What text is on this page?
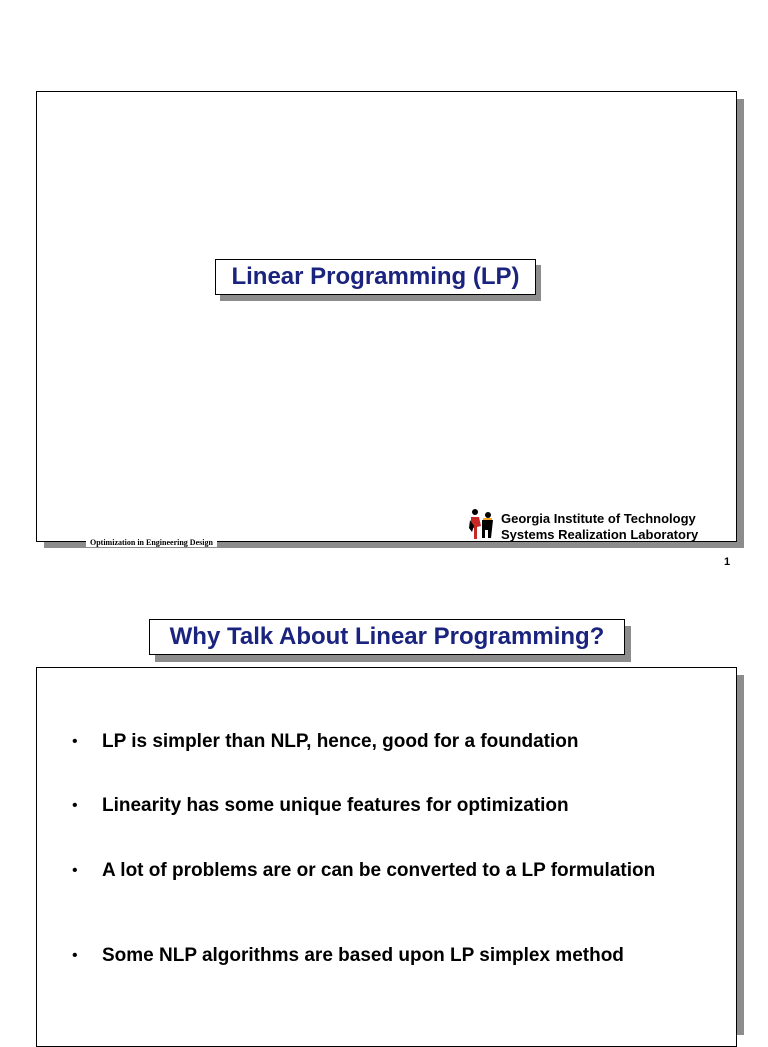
Linear Programming (LP)
Optimization in Engineering Design
Georgia Institute of Technology
Systems Realization Laboratory
1
Why Talk About Linear Programming?
• LP is simpler than NLP, hence, good for a foundation
• Linearity has some unique features for optimization
• A lot of problems are or can be converted to a LP formulation
• Some NLP algorithms are based upon LP simplex method
